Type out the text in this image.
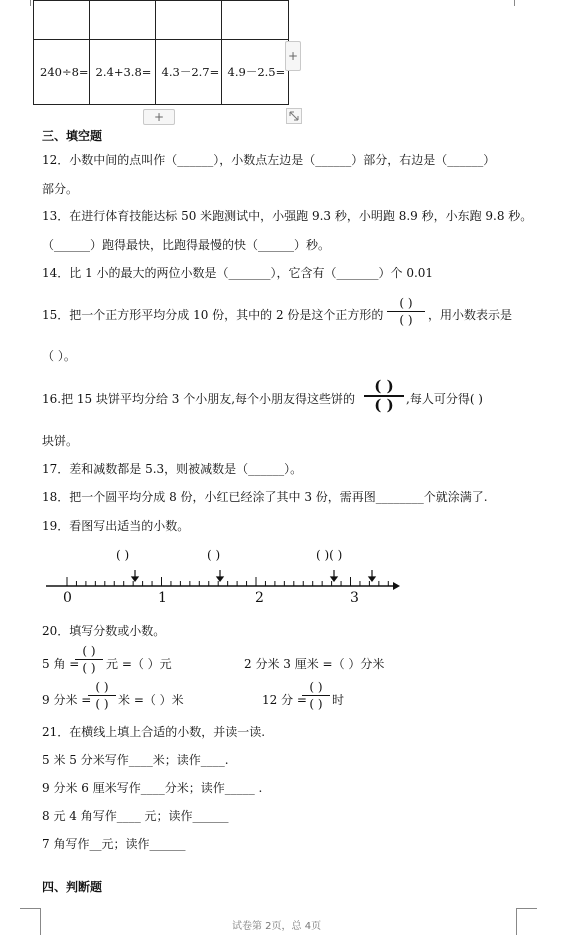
240÷8=	2.4+3.8=	4.3－2.7=	4.9－2.5=
+
+
三、填空题
12．小数中间的点叫作（______），小数点左边是（______）部分，右边是（______）
部分。
13．在进行体育技能达标 50 米跑测试中，小强跑 9.3 秒，小明跑 8.9 秒，小东跑 9.8 秒。
（______）跑得最快，比跑得最慢的快（______）秒。
14．比 1 小的最大的两位小数是（_______），它含有（_______）个 0.01
15．把一个正方形平均分成 10 份，其中的 2 份是这个正方形的
( )
( )	，用小数表示是
（ ）。
16.把 15 块饼平均分给 3 个小朋友,每个小朋友得这些饼的
( )
( )	,每人可分得( )
块饼。
17．差和减数都是 5.3，则被减数是（______）。
18．把一个圆平均分成 8 份，小红已经涂了其中 3 份，需再图________个就涂满了.
19．看图写出适当的小数。
( )	( )	( )( )
0	1	2	3
20．填写分数或小数。
5 角 =
( )
( ) 元 =（ ）元	2 分米 3 厘米 =（ ）分米
9 分米 =
( )
( ) 米 =（ ）米	12 分 =
( )
( ) 时
21．在横线上填上合适的小数，并读一读.
5 米 5 分米写作____米；读作____.
9 分米 6 厘米写作____分米；读作_____ .
8 元 4 角写作____ 元；读作______
7 角写作__元；读作______
四、判断题
试卷第 2页，总 4页
